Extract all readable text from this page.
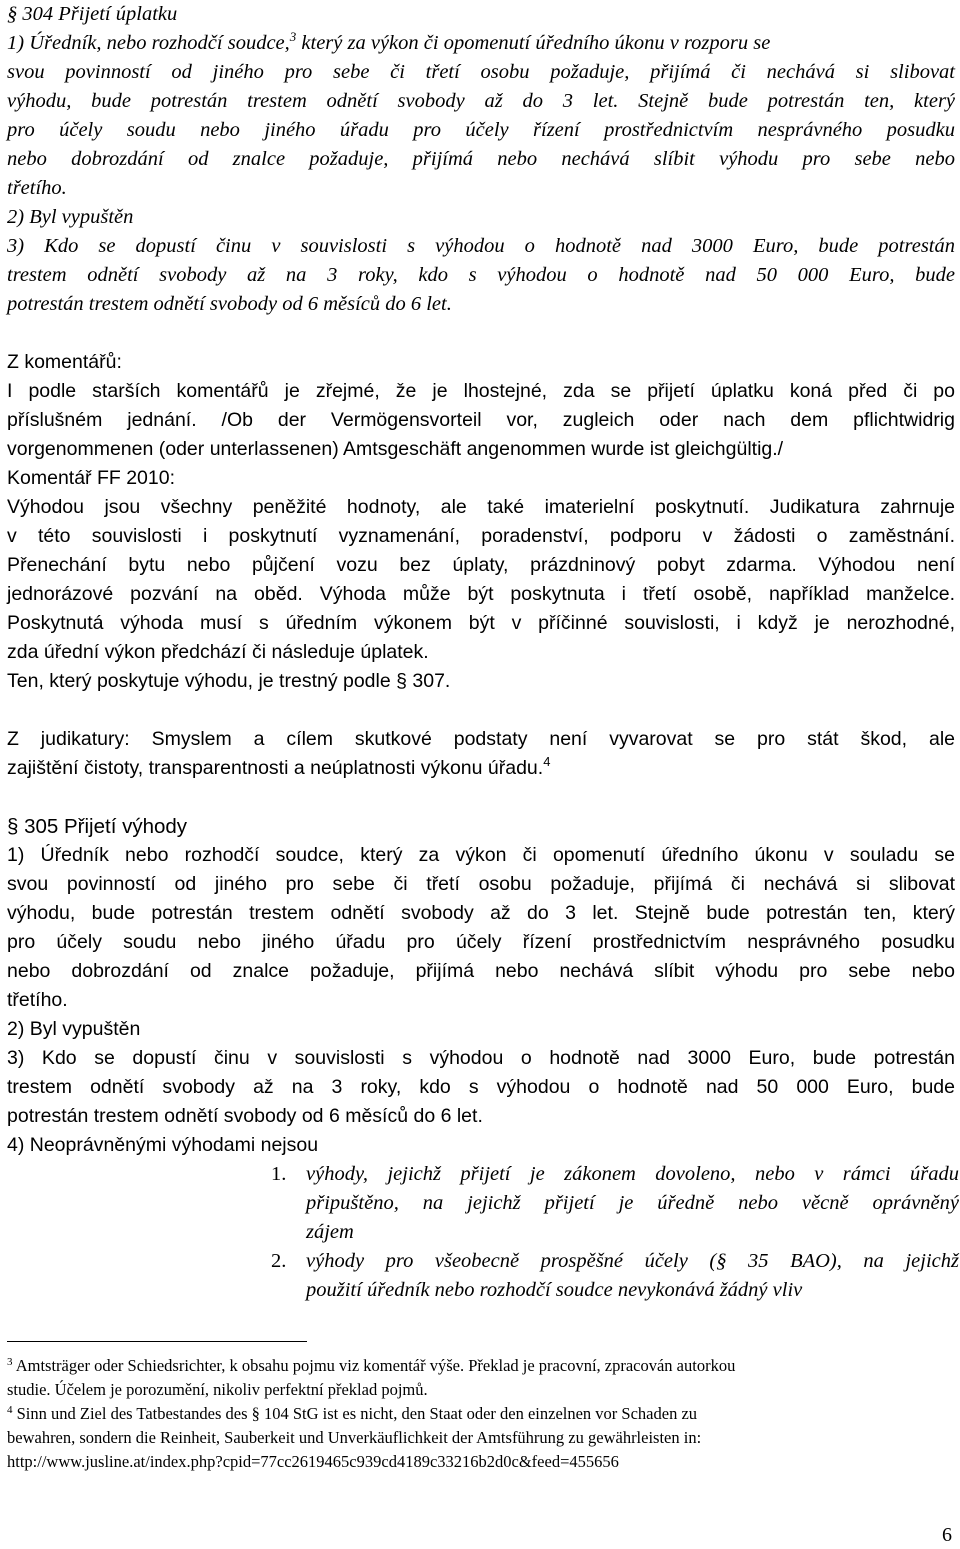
§ 304 Přijetí úplatku
1) Úředník, nebo rozhodčí soudce,$^3$ který za výkon či opomenutí úředního úkonu v rozporu se
svou povinností od jiného pro sebe či třetí osobu požaduje, přijímá či nechává si slibovat
výhodu, bude potrestán trestem odnětí svobody až do 3 let. Stejně bude potrestán ten, který
pro účely soudu nebo jiného úřadu pro účely řízení prostřednictvím nesprávného posudku
nebo dobrozdání od znalce požaduje, přijímá nebo nechává slíbit výhodu pro sebe nebo
třetího.
2) Byl vypuštěn
3) Kdo se dopustí činu v souvislosti s výhodou o hodnotě nad 3000 Euro, bude potrestán
trestem odnětí svobody až na 3 roky, kdo s výhodou o hodnotě nad 50 000 Euro, bude
potrestán trestem odnětí svobody od 6 měsíců do 6 let.
Z komentářů:
I podle starších komentářů je zřejmé, že je lhostejné, zda se přijetí úplatku koná před či po
příslušném jednání. /Ob der Vermögensvorteil vor, zugleich oder nach dem pflichtwidrig
vorgenommenen (oder unterlassenen) Amtsgeschäft angenommen wurde ist gleichgültig./
Komentář FF 2010:
Výhodou jsou všechny peněžité hodnoty, ale také imaterielní poskytnutí. Judikatura zahrnuje
v této souvislosti i poskytnutí vyznamenání, poradenství, podporu v žádosti o zaměstnání.
Přenechání bytu nebo půjčení vozu bez úplaty, prázdninový pobyt zdarma. Výhodou není
jednorázové pozvání na oběd. Výhoda může být poskytnuta i třetí osobě, například manželce.
Poskytnutá výhoda musí s úředním výkonem být v příčinné souvislosti, i když je nerozhodné,
zda úřední výkon předchází či následuje úplatek.
Ten, který poskytuje výhodu, je trestný podle § 307.
Z judikatury: Smyslem a cílem skutkové podstaty není vyvarovat se pro stát škod, ale
zajištění čistoty, transparentnosti a neúplatnosti výkonu úřadu.$^4$
§ 305 Přijetí výhody
1) Úředník nebo rozhodčí soudce, který za výkon či opomenutí úředního úkonu v souladu se
svou povinností od jiného pro sebe či třetí osobu požaduje, přijímá či nechává si slibovat
výhodu, bude potrestán trestem odnětí svobody až do 3 let. Stejně bude potrestán ten, který
pro účely soudu nebo jiného úřadu pro účely řízení prostřednictvím nesprávného posudku
nebo dobrozdání od znalce požaduje, přijímá nebo nechává slíbit výhodu pro sebe nebo
třetího.
2) Byl vypuštěn
3) Kdo se dopustí činu v souvislosti s výhodou o hodnotě nad 3000 Euro, bude potrestán
trestem odnětí svobody až na 3 roky, kdo s výhodou o hodnotě nad 50 000 Euro, bude
potrestán trestem odnětí svobody od 6 měsíců do 6 let.
4) Neoprávněnými výhodami nejsou
1. výhody, jejichž přijetí je zákonem dovoleno, nebo v rámci úřadu
připuštěno, na jejichž přijetí je úředně nebo věcně oprávněný
zájem
2. výhody pro všeobecně prospěšné účely (§ 35 BAO), na jejichž
použití úředník nebo rozhodčí soudce nevykonává žádný vliv
$^3$ Amtsträger oder Schiedsrichter, k obsahu pojmu viz komentář výše. Překlad je pracovní, zpracován autorkou
studie. Účelem je porozumění, nikoliv perfektní překlad pojmů.
$^4$ Sinn und Ziel des Tatbestandes des § 104 StG ist es nicht, den Staat oder den einzelnen vor Schaden zu
bewahren, sondern die Reinheit, Sauberkeit und Unverkäuflichkeit der Amtsführung zu gewährleisten in:
http://www.jusline.at/index.php?cpid=77cc2619465c939cd4189c33216b2d0c&feed=455656
6
